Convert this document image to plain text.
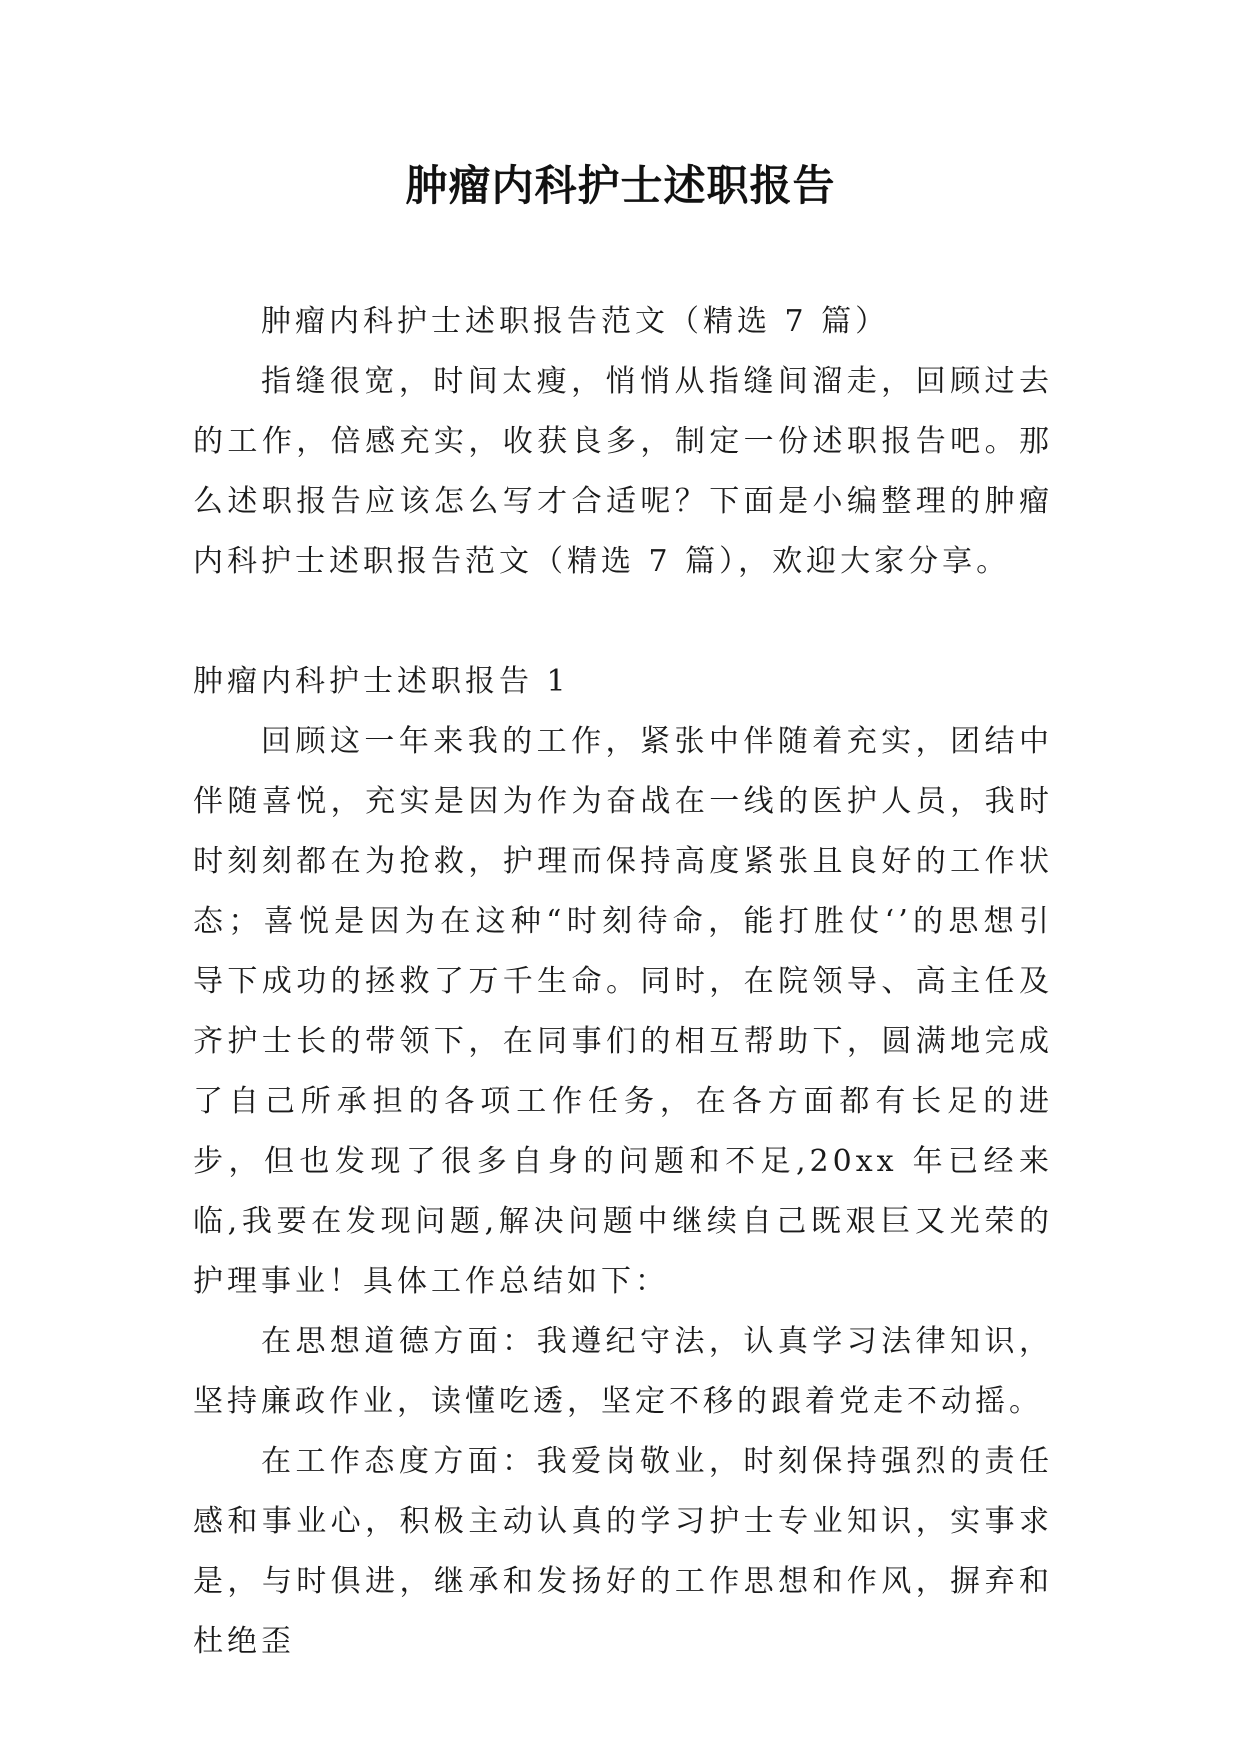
肿瘤内科护士述职报告

肿瘤内科护士述职报告范文（精选 7 篇）

指缝很宽，时间太瘦，悄悄从指缝间溜走，回顾过去的工作，倍感充实，收获良多，制定一份述职报告吧。那么述职报告应该怎么写才合适呢？下面是小编整理的肿瘤内科护士述职报告范文（精选 7 篇），欢迎大家分享。

肿瘤内科护士述职报告 1

回顾这一年来我的工作，紧张中伴随着充实，团结中伴随喜悦，充实是因为作为奋战在一线的医护人员，我时时刻刻都在为抢救，护理而保持高度紧张且良好的工作状态；喜悦是因为在这种“时刻待命，能打胜仗‘’的思想引导下成功的拯救了万千生命。同时，在院领导、高主任及齐护士长的带领下，在同事们的相互帮助下，圆满地完成了自己所承担的各项工作任务，在各方面都有长足的进步，但也发现了很多自身的问题和不足,20xx 年已经来临,我要在发现问题,解决问题中继续自己既艰巨又光荣的护理事业！具体工作总结如下：

在思想道德方面：我遵纪守法，认真学习法律知识，坚持廉政作业，读懂吃透，坚定不移的跟着党走不动摇。

在工作态度方面：我爱岗敬业，时刻保持强烈的责任感和事业心，积极主动认真的学习护士专业知识，实事求是，与时俱进，继承和发扬好的工作思想和作风，摒弃和杜绝歪
